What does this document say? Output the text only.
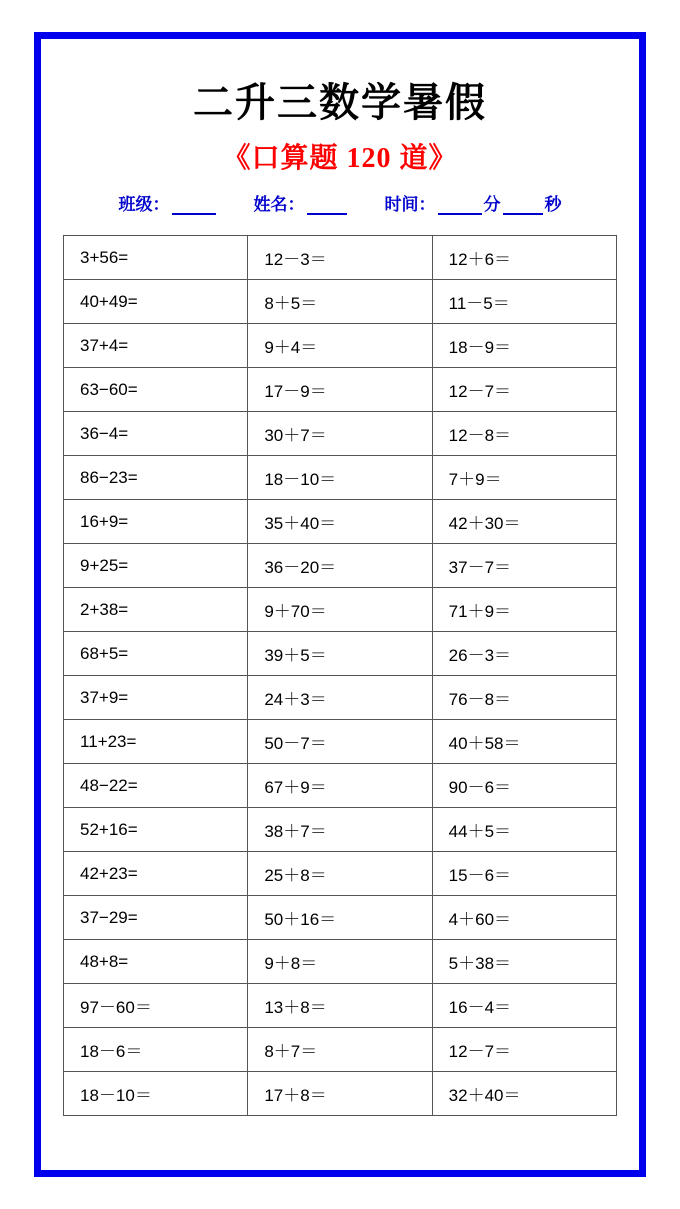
二升三数学暑假
《口算题 120 道》
班级：	姓名：	时间：	分	秒
3+56=	12－3＝	12＋6＝
40+49=	8＋5＝	11－5＝
37+4=	9＋4＝	18－9＝
63−60=	17－9＝	12－7＝
36−4=	30＋7＝	12－8＝
86−23=	18－10＝	7＋9＝
16+9=	35＋40＝	42＋30＝
9+25=	36－20＝	37－7＝
2+38=	9＋70＝	71＋9＝
68+5=	39＋5＝	26－3＝
37+9=	24＋3＝	76－8＝
11+23=	50－7＝	40＋58＝
48−22=	67＋9＝	90－6＝
52+16=	38＋7＝	44＋5＝
42+23=	25＋8＝	15－6＝
37−29=	50＋16＝	4＋60＝
48+8=	9＋8＝	5＋38＝
97－60＝	13＋8＝	16－4＝
18－6＝	8＋7＝	12－7＝
18－10＝	17＋8＝	32＋40＝
